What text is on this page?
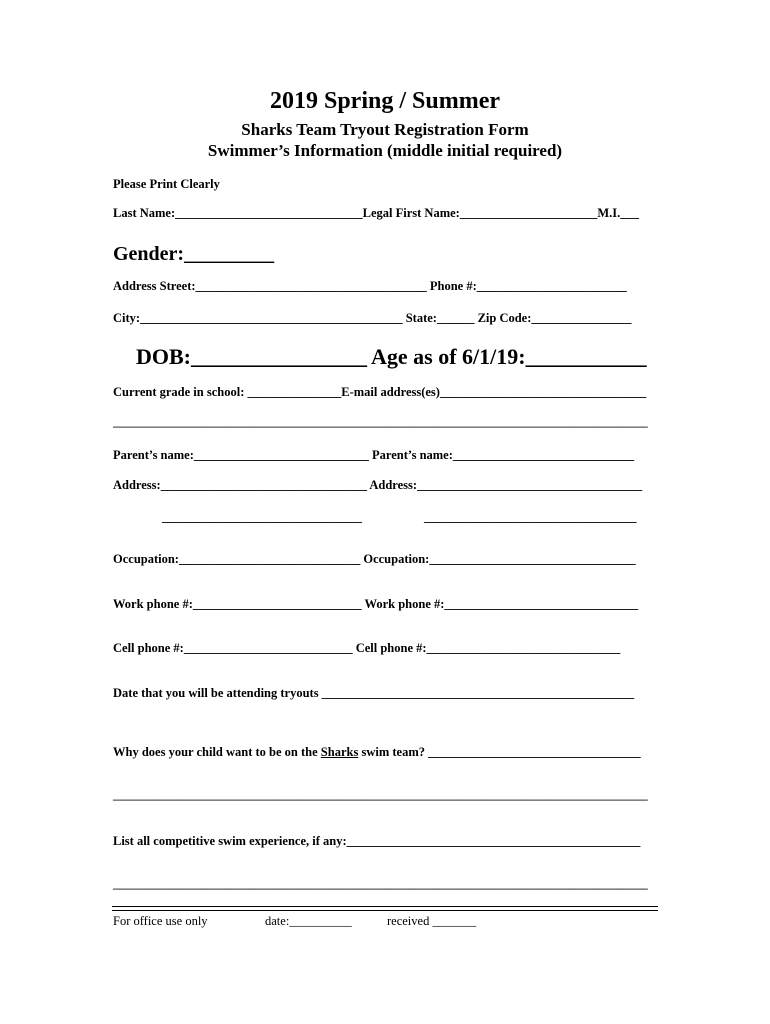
2019 Spring / Summer
Sharks Team Tryout Registration Form
Swimmer’s Information (middle initial required)
Please Print Clearly
Last Name:______________________________Legal First Name:______________________M.I.___
Gender:_________
Address Street:_____________________________________ Phone #:________________________
City:__________________________________________ State:______ Zip Code:________________
DOB:________________ Age as of 6/1/19:___________
Current grade in school: _______________E-mail address(es)_________________________________
_____________________________________________________________________________________________
Parent’s name:____________________________ Parent’s name:_____________________________
Address:_________________________________ Address:____________________________________
________________________________	__________________________________
Occupation:_____________________________ Occupation:_________________________________
Work phone #:___________________________ Work phone #:_______________________________
Cell phone #:___________________________ Cell phone #:_______________________________
Date that you will be attending tryouts __________________________________________________
Why does your child want to be on the Sharks swim team? __________________________________
_____________________________________________________________________________________________
List all competitive swim experience, if any:_______________________________________________
_____________________________________________________________________________________________
For office use only	date:__________	received _______
